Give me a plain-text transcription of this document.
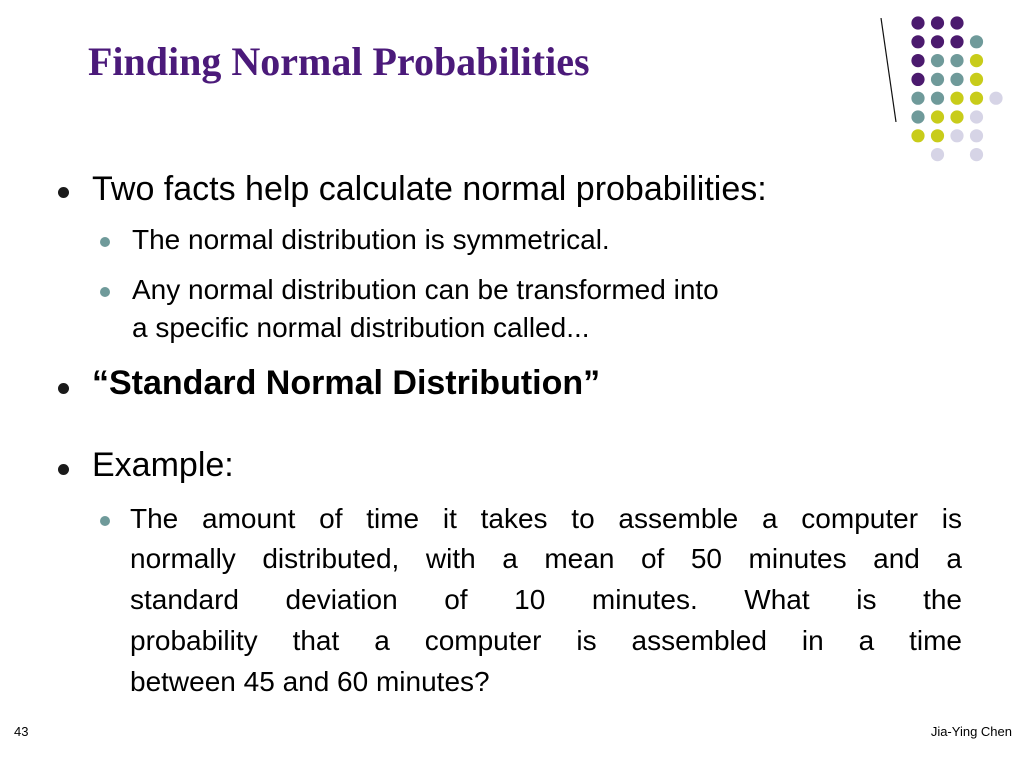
Finding Normal Probabilities
Two facts help calculate normal probabilities:
The normal distribution is symmetrical.
Any normal distribution can be transformed into
a specific normal distribution called...
“Standard Normal Distribution”
Example:
The amount of time it takes to assemble a computer is
normally distributed, with a mean of 50 minutes and a
standard deviation of 10 minutes. What is the
probability that a computer is assembled in a time
between 45 and 60 minutes?
43	Jia-Ying Chen
